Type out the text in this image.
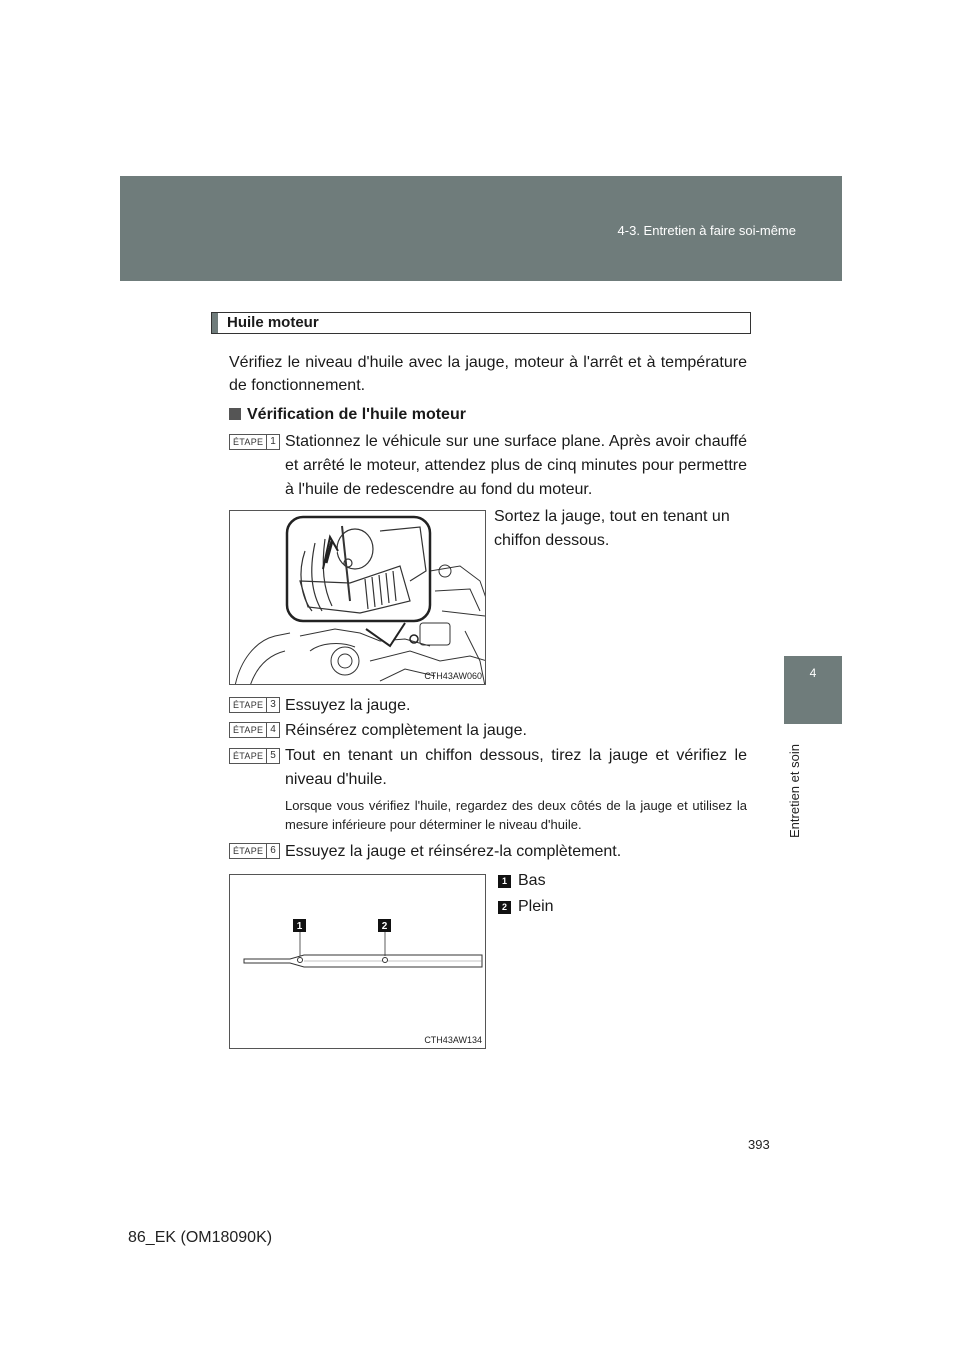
4-3. Entretien à faire soi-même
4
Entretien et soin
Huile moteur

Vérifiez le niveau d'huile avec la jauge, moteur à l'arrêt et à température de fonctionnement.

Vérification de l'huile moteur
ÉTAPE 1 Stationnez le véhicule sur une surface plane. Après avoir chauffé et arrêté le moteur, attendez plus de cinq minutes pour permettre à l'huile de redescendre au fond du moteur.

Sortez la jauge, tout en tenant un chiffon dessous.

CTH43AW060
ÉTAPE 3 Essuyez la jauge.

ÉTAPE 4 Réinsérez complètement la jauge.

ÉTAPE 5 Tout en tenant un chiffon dessous, tirez la jauge et vérifiez le niveau d'huile.

Lorsque vous vérifiez l'huile, regardez des deux côtés de la jauge et utilisez la mesure inférieure pour déterminer le niveau d'huile.

ÉTAPE 6 Essuyez la jauge et réinsérez-la complètement.

1	2
CTH43AW134
1 Bas
2 Plein
393
86_EK (OM18090K)
